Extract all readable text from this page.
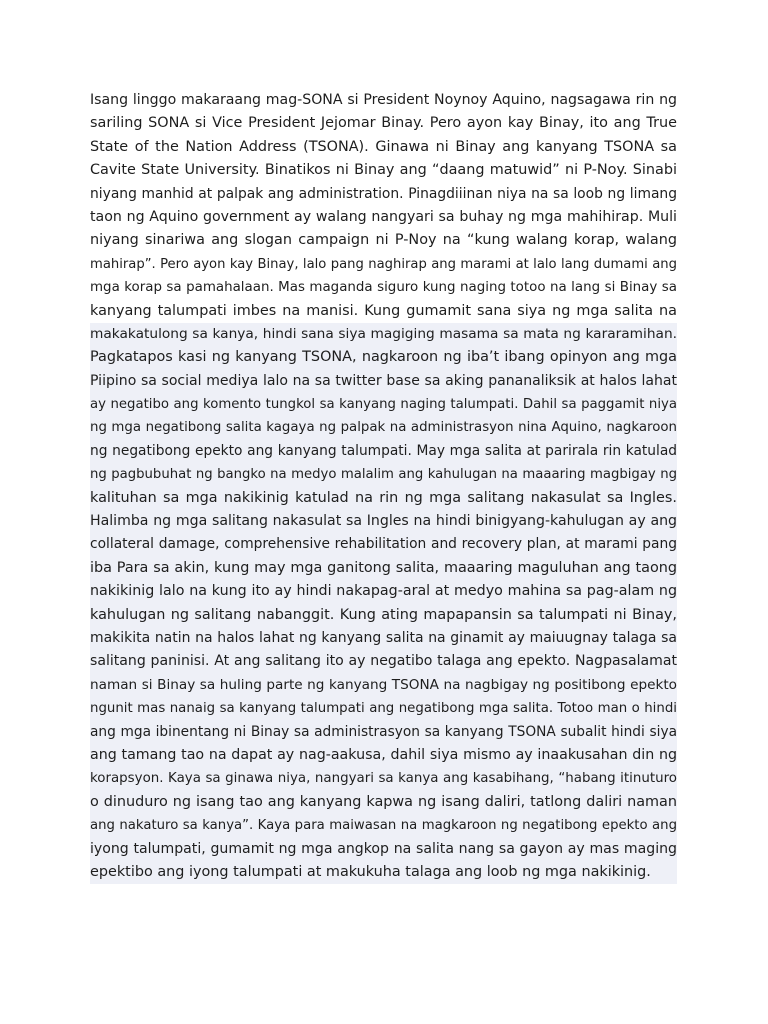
Isang linggo makaraang mag-SONA si President Noynoy Aquino, nagsagawa rin ng
sariling SONA si Vice President Jejomar Binay. Pero ayon kay Binay, ito ang True
State of the Nation Address (TSONA). Ginawa ni Binay ang kanyang TSONA sa
Cavite State University. Binatikos ni Binay ang “daang matuwid” ni P-Noy. Sinabi
niyang manhid at palpak ang administration. Pinagdiiinan niya na sa loob ng limang
taon ng Aquino government ay walang nangyari sa buhay ng mga mahihirap. Muli
niyang sinariwa ang slogan campaign ni P-Noy na “kung walang korap, walang
mahirap”. Pero ayon kay Binay, lalo pang naghirap ang marami at lalo lang dumami ang
mga korap sa pamahalaan. Mas maganda siguro kung naging totoo na lang si Binay sa
kanyang talumpati imbes na manisi. Kung gumamit sana siya ng mga salita na
makakatulong sa kanya, hindi sana siya magiging masama sa mata ng kararamihan.
Pagkatapos kasi ng kanyang TSONA, nagkaroon ng iba’t ibang opinyon ang mga
Piipino sa social mediya lalo na sa twitter base sa aking pananaliksik at halos lahat
ay negatibo ang komento tungkol sa kanyang naging talumpati. Dahil sa paggamit niya
ng mga negatibong salita kagaya ng palpak na administrasyon nina Aquino, nagkaroon
ng negatibong epekto ang kanyang talumpati. May mga salita at parirala rin katulad
ng pagbubuhat ng bangko na medyo malalim ang kahulugan na maaaring magbigay ng
kalituhan sa mga nakikinig katulad na rin ng mga salitang nakasulat sa Ingles.
Halimba ng mga salitang nakasulat sa Ingles na hindi binigyang-kahulugan ay ang
collateral damage, comprehensive rehabilitation and recovery plan, at marami pang
iba Para sa akin, kung may mga ganitong salita, maaaring maguluhan ang taong
nakikinig lalo na kung ito ay hindi nakapag-aral at medyo mahina sa pag-alam ng
kahulugan ng salitang nabanggit. Kung ating mapapansin sa talumpati ni Binay,
makikita natin na halos lahat ng kanyang salita na ginamit ay maiuugnay talaga sa
salitang paninisi. At ang salitang ito ay negatibo talaga ang epekto. Nagpasalamat
naman si Binay sa huling parte ng kanyang TSONA na nagbigay ng positibong epekto
ngunit mas nanaig sa kanyang talumpati ang negatibong mga salita. Totoo man o hindi
ang mga ibinentang ni Binay sa administrasyon sa kanyang TSONA subalit hindi siya
ang tamang tao na dapat ay nag-aakusa, dahil siya mismo ay inaakusahan din ng
korapsyon. Kaya sa ginawa niya, nangyari sa kanya ang kasabihang, “habang itinuturo
o dinuduro ng isang tao ang kanyang kapwa ng isang daliri, tatlong daliri naman
ang nakaturo sa kanya”. Kaya para maiwasan na magkaroon ng negatibong epekto ang
iyong talumpati, gumamit ng mga angkop na salita nang sa gayon ay mas maging
epektibo ang iyong talumpati at makukuha talaga ang loob ng mga nakikinig.
